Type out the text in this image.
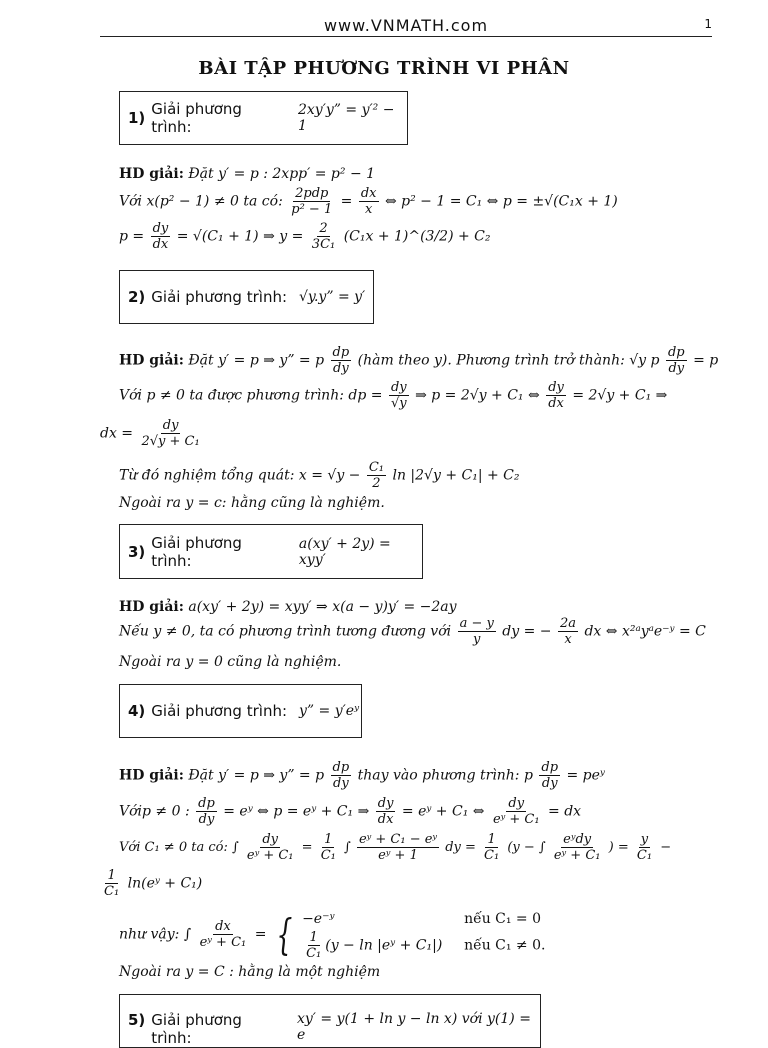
www.VNMATH.com	1
BÀI TẬP PHƯƠNG TRÌNH VI PHÂN
1) Giải phương trình:
2xy′y” = y′² − 1
HD giải: Đặt y′ = p : 2xpp′ = p² − 1
Với x(p² − 1) ≠ 0 ta có: $\frac{\text{2pdp}}{\text{p² − 1}} = \frac{dx}{x}$ ⇔ p² − 1 = C₁ ⇔ p = ±√(C₁x + 1)
$p = \frac{dy}{dx} = √(C_1 + 1)$ ⇒ $y = \frac{2}{\text{3C₁}} (C_1x$ + 1)^(3/2) + C₂
2) Giải phương trình: √y.y” = y′
HD giải: Đặt y′ = p ⇒ y” = p $\frac{dp}{dy}$ (hàm theo y). Phương trình trở thành: √y p $\frac{dp}{dy} = p$
Với p ≠ 0 ta được phương trình: dp = $\frac{dy}{√y}$ ⇒ p = 2√y + C₁ ⇔ $\frac{dy}{dx} = 2√y + C_1$ ⇒
dx = $\frac{dy}{\text{2√y + C₁}}$
Từ đó nghiệm tổng quát: $x = √y - \frac{\text{C₁}}{2}$ ln |2√y + C₁| + C₂
Ngoài ra y = c: hằng cũng là nghiệm.
3) Giải phương trình:
a(xy′ + 2y) = xyy′
HD giải: a(xy′ + 2y) = xyy′ ⇒ x(a − y)y′ = −2ay
Nếu y ≠ 0, ta có phương trình tương đương với $\frac{a - y}{y}$ dy = − $\frac{2a}{x}$ dx ⇔ x²ᵃyᵃe⁻ʸ = C
Ngoài ra y = 0 cũng là nghiệm.
4) Giải phương trình: y” = y′eʸ
HD giải: Đặt y′ = p ⇒ y” = p $\frac{dp}{dy}$ thay vào phương trình: p $\frac{dp}{dy}$ = peʸ
Vớip ≠ 0 : $\frac{dp}{dy}$ = eʸ ⇔ p = eʸ + C₁ ⇒ $\frac{dy}{dx}$ = eʸ + C₁ ⇔ $\frac{dy}{\text{eʸ + C₁}}$ = dx
Với C₁ ≠ 0 ta có: ∫ $\frac{dy}{\text{eʸ + C₁}} = \frac{1}{\text{C₁}}$ ∫ $\frac{\text{eʸ + C₁ − eʸ}}{\text{eʸ + 1}}$ dy = $\frac{1}{\text{C₁}} (y$ − ∫ $\frac{\text{eʸdy}}{\text{eʸ + C₁}}$ ) = $\frac{y}{\text{C₁}}$ −
$\frac{1}{\text{C₁}}$ ln(eʸ + C₁)
như vậy: ∫ $\frac{dx}{\text{eʸ + C₁}}$ = { −e⁻ʸ	nếu C₁ = 0
$\frac{1}{\text{C₁}} (y - \ln$ |eʸ + C₁|) nếu C₁ ≠ 0.
Ngoài ra y = C : hằng là một nghiệm
5) Giải phương trình:
xy′ = y(1 + ln y − ln x) với y(1) = e
